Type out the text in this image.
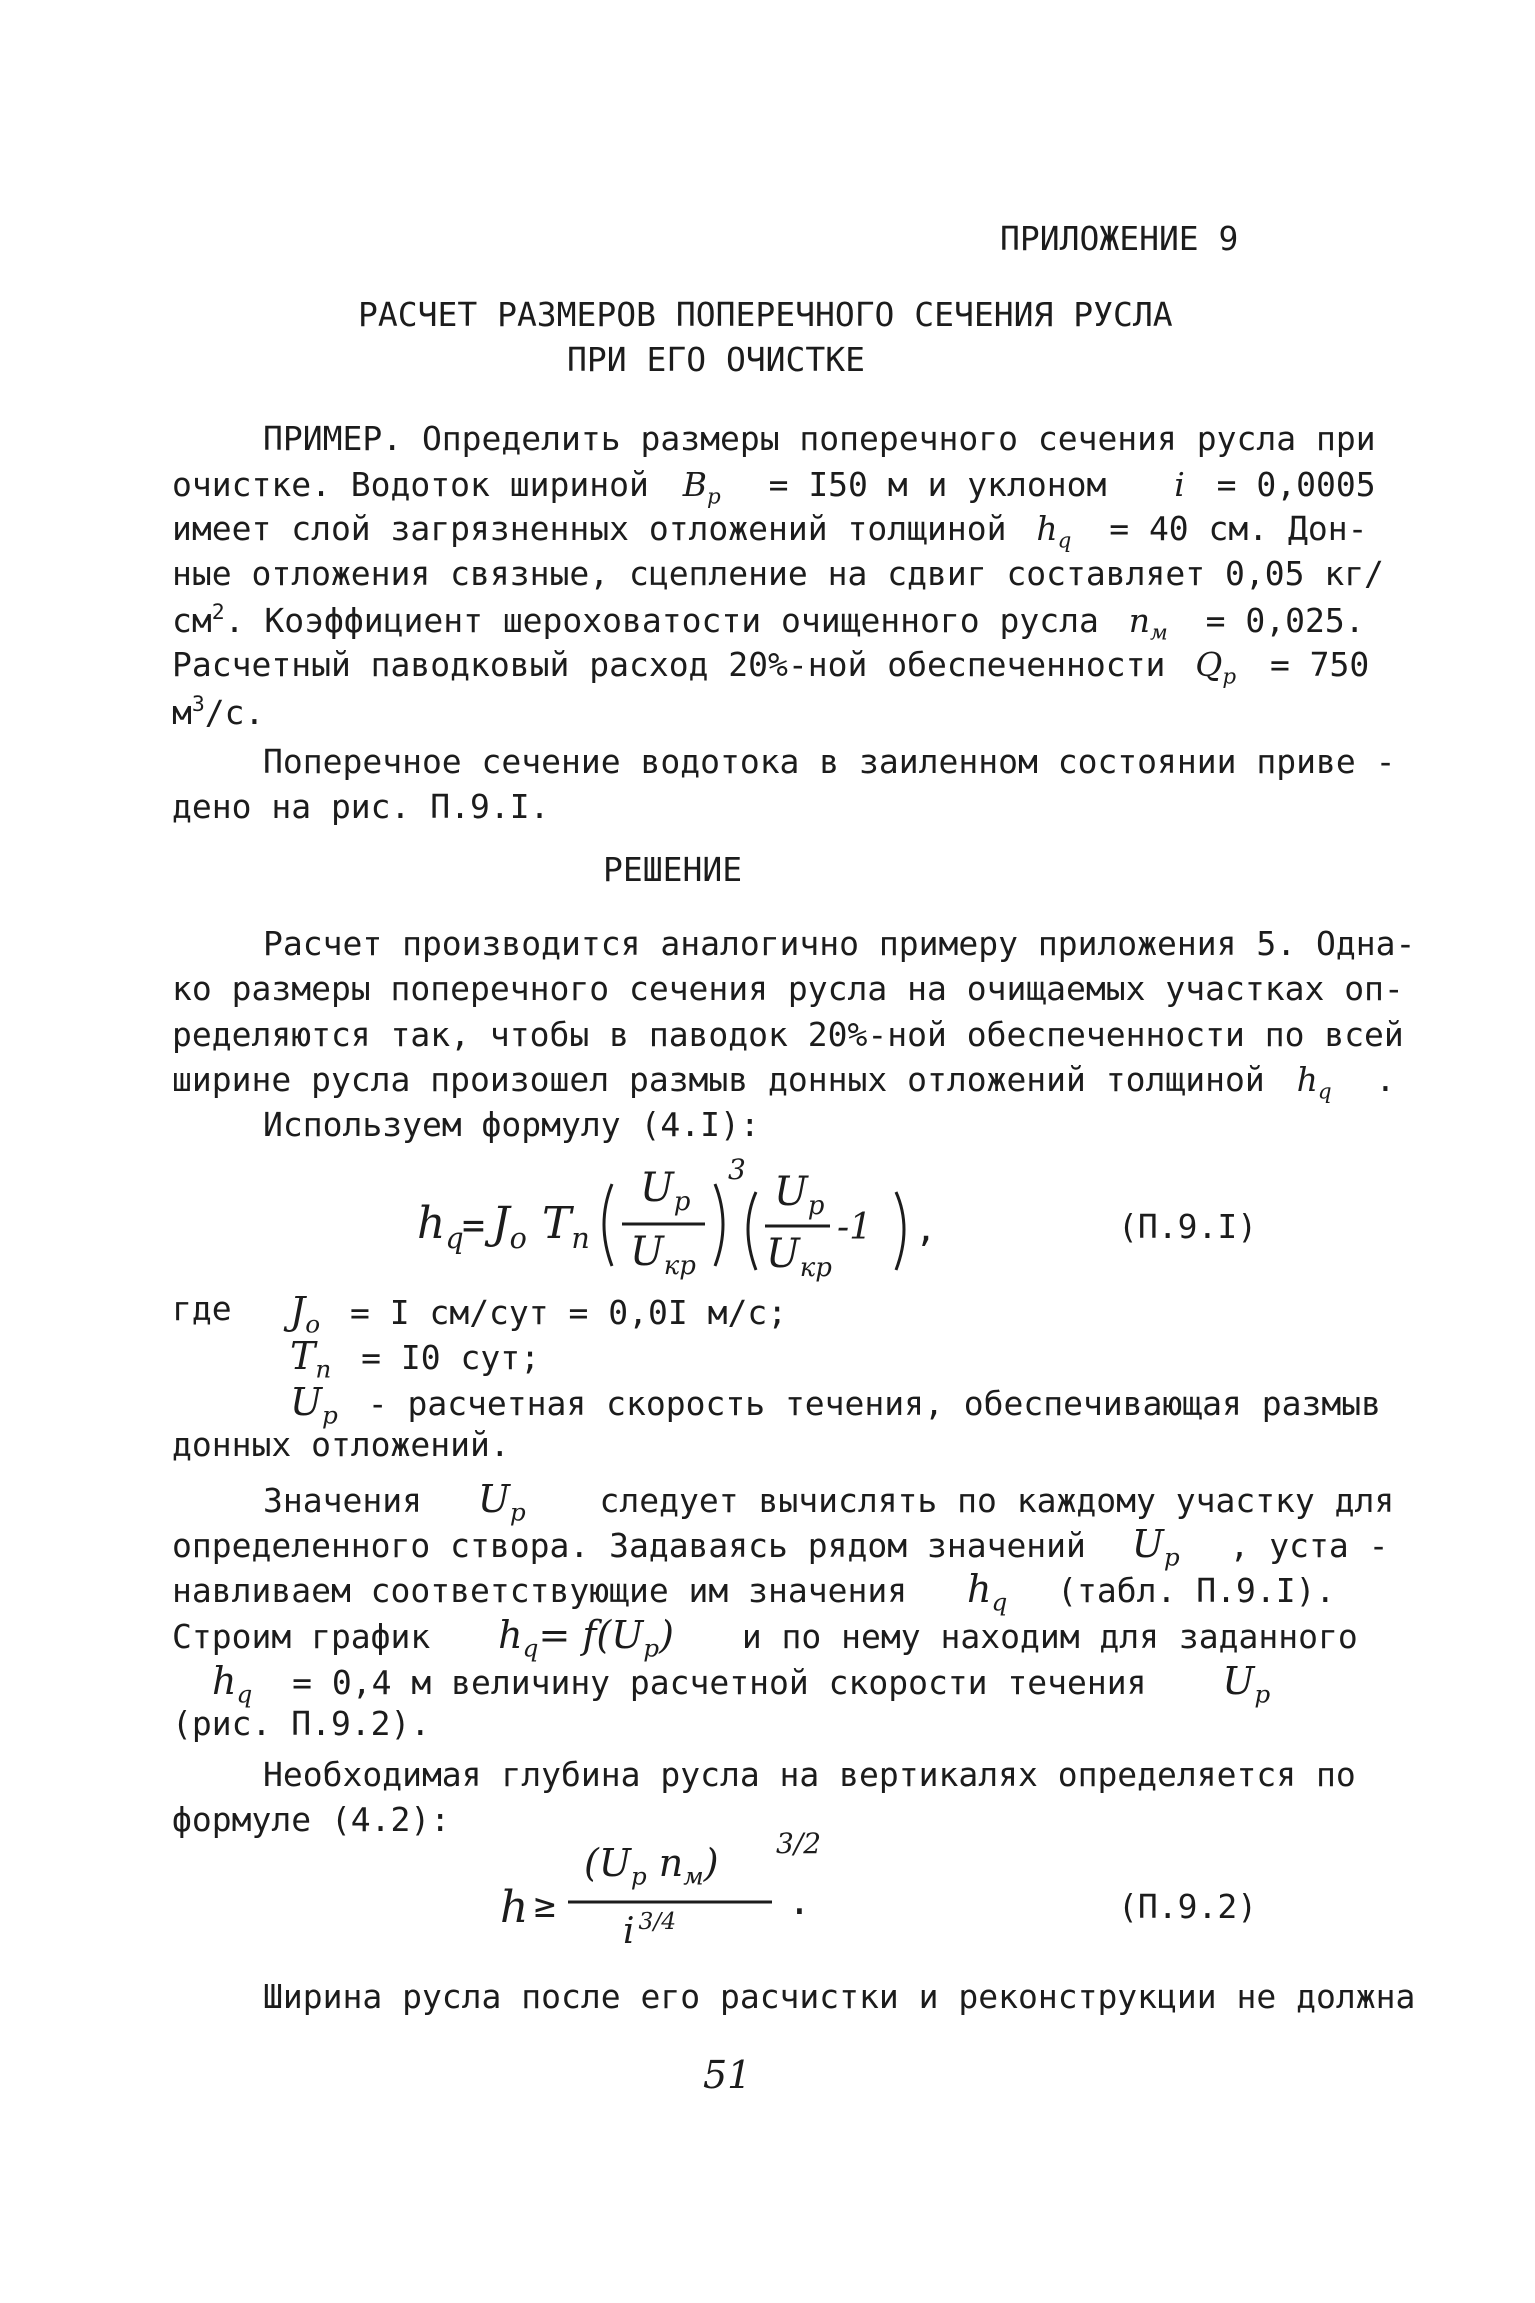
ПРИЛОЖЕНИЕ 9
РАСЧЕТ РАЗМЕРОВ ПОПЕРЕЧНОГО СЕЧЕНИЯ РУСЛА
ПРИ ЕГО ОЧИСТКЕ
ПРИМЕР. Определить размеры поперечного сечения русла при
очистке. Водоток шириной $B_p = I50$ м и уклоном i = 0,0005
имеет слой загрязненных отложений толщиной $h_q = 40$ см. Дон-
ные отложения связные, сцепление на сдвиг составляет 0,05 кг/
$см^2$. Коэффициент шероховатости очищенного русла $n_м = 0,025$.
Расчетный паводковый расход 20%-ной обеспеченности $Q_p = 750$
$м^3/с$.
Поперечное сечение водотока в заиленном состоянии приве -
дено на рис. П.9.I.
РЕШЕНИЕ
Расчет производится аналогично примеру приложения 5. Одна-
ко размеры поперечного сечения русла на очищаемых участках оп-
ределяются так, чтобы в паводок 20%-ной обеспеченности по всей
ширине русла произошел размыв донных отложений толщиной $h_q$ .
Используем формулу (4.I):
$h_q$
= $J_o$ $T_п$
$U_p$
$U_{кр}$
3 $U_p$
$U_{кр}$
-1 ,	(П.9.I)
где $J_o = I$ см/сут = 0,0I м/с;
$T_п = I0$ сут;
$U_p$ - расчетная скорость течения, обеспечивающая размыв
донных отложений.
Значения $U_p$ следует вычислять по каждому участку для
определенного створа. Задаваясь рядом значений $U_p$ , уста -
навливаем соответствующие им значения $h_q$ (табл. П.9.I).
Строим график $h_q= f(U_p)$ и по нему находим для заданного
$h_q = 0,4$ м величину расчетной скорости течения $U_p$
(рис. П.9.2).
Необходимая глубина русла на вертикалях определяется по
формуле (4.2):
h ≥
($U_p$ $n_м$) 3/2
i $^{3/4}$	.	(П.9.2)
Ширина русла после его расчистки и реконструкции не должна
51
